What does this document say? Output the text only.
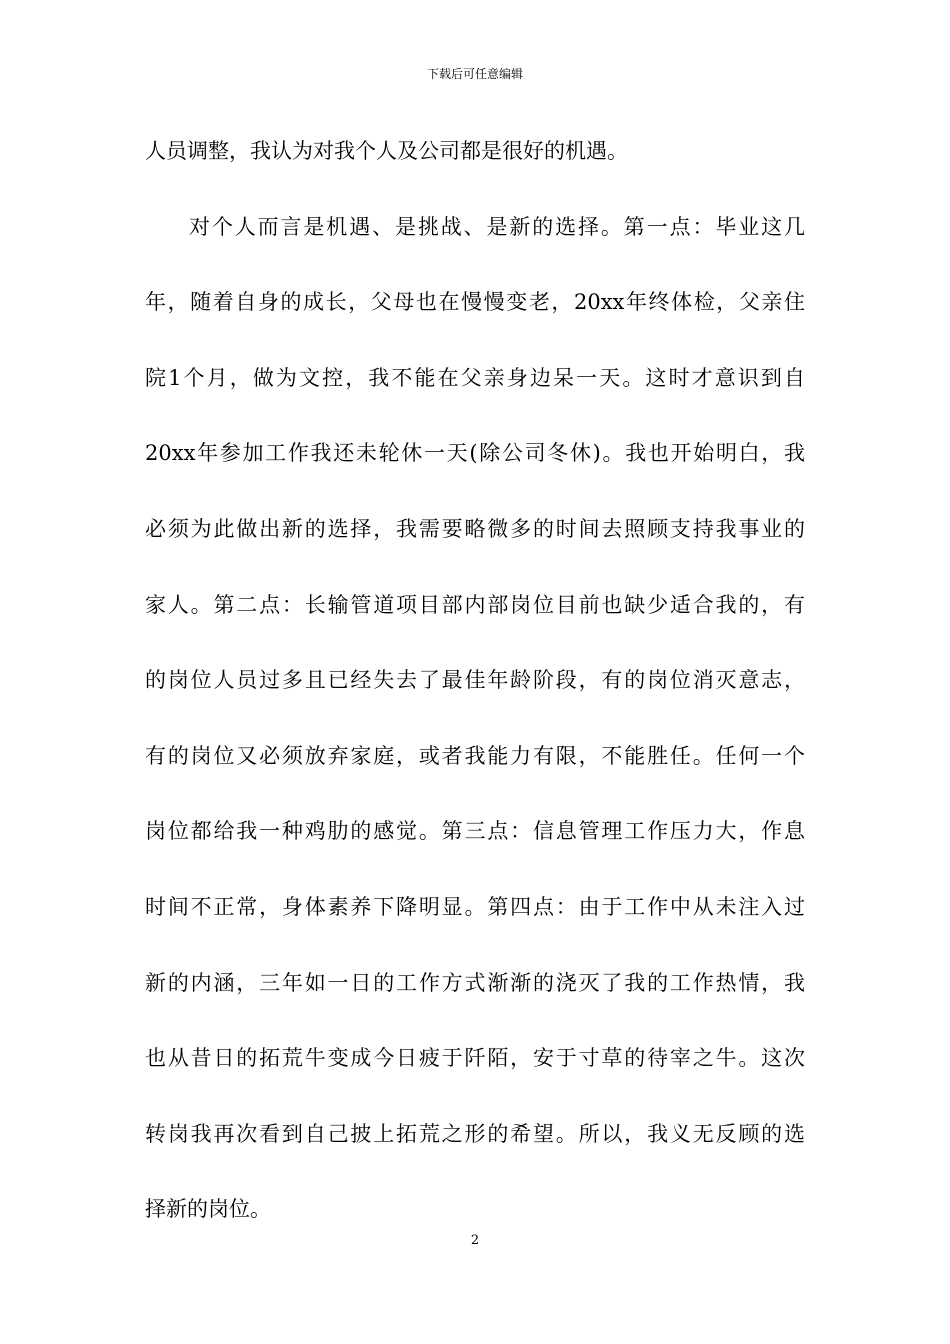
下载后可任意编辑
人员调整，我认为对我个人及公司都是很好的机遇。
对个人而言是机遇、是挑战、是新的选择。第一点：毕业这几
年，随着自身的成长，父母也在慢慢变老，20xx年终体检，父亲住
院1个月，做为文控，我不能在父亲身边呆一天。这时才意识到自
20xx年参加工作我还未轮休一天(除公司冬休)。我也开始明白，我
必须为此做出新的选择，我需要略微多的时间去照顾支持我事业的
家人。第二点：长输管道项目部内部岗位目前也缺少适合我的，有
的岗位人员过多且已经失去了最佳年龄阶段，有的岗位消灭意志，
有的岗位又必须放弃家庭，或者我能力有限，不能胜任。任何一个
岗位都给我一种鸡肋的感觉。第三点：信息管理工作压力大，作息
时间不正常，身体素养下降明显。第四点：由于工作中从未注入过
新的内涵，三年如一日的工作方式渐渐的浇灭了我的工作热情，我
也从昔日的拓荒牛变成今日疲于阡陌，安于寸草的待宰之牛。这次
转岗我再次看到自己披上拓荒之形的希望。所以，我义无反顾的选
择新的岗位。
2
